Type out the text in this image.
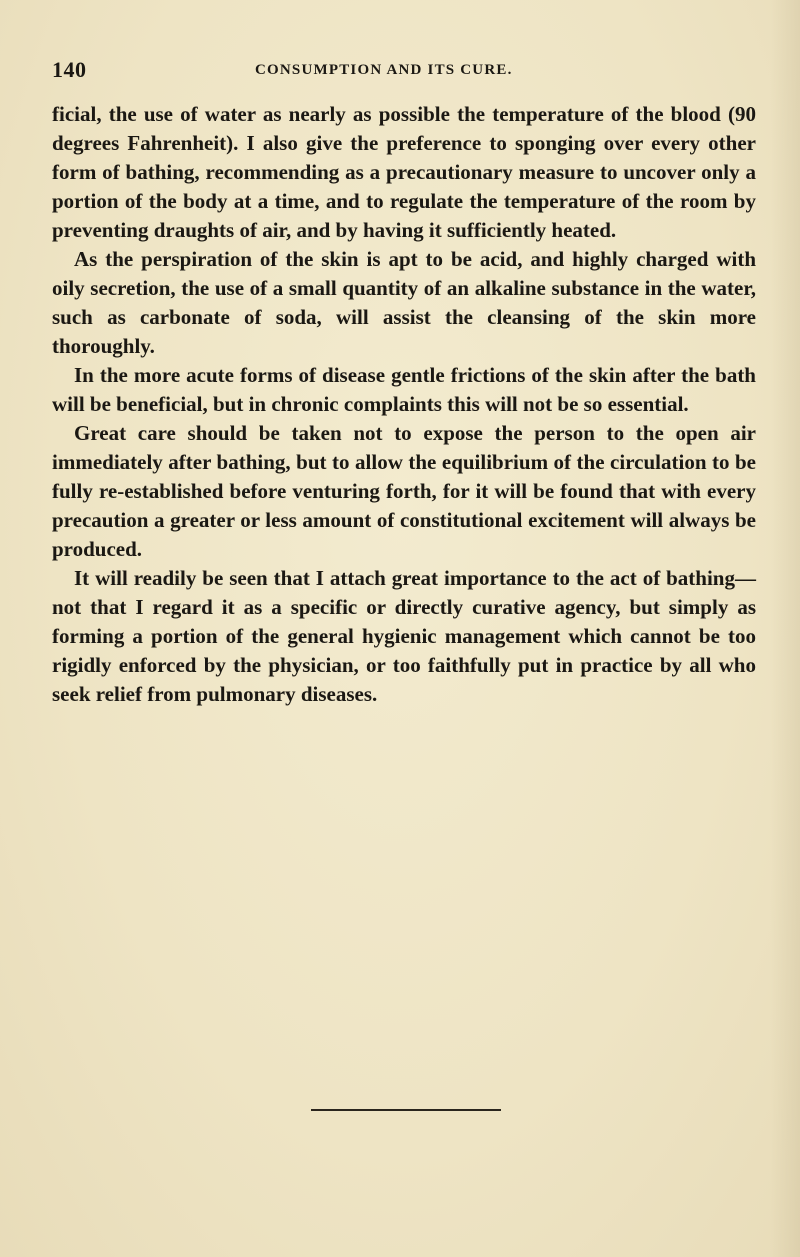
140	CONSUMPTION AND ITS CURE.

ficial, the use of water as nearly as possible the temperature of the blood (90 degrees Fahrenheit). I also give the preference to sponging over every other form of bathing, recommending as a precautionary measure to uncover only a portion of the body at a time, and to regulate the temperature of the room by preventing draughts of air, and by having it sufficiently heated.

As the perspiration of the skin is apt to be acid, and highly charged with oily secretion, the use of a small quantity of an alkaline substance in the water, such as carbonate of soda, will assist the cleansing of the skin more thoroughly.

In the more acute forms of disease gentle frictions of the skin after the bath will be beneficial, but in chronic complaints this will not be so essential.

Great care should be taken not to expose the person to the open air immediately after bathing, but to allow the equilibrium of the circulation to be fully re-established before venturing forth, for it will be found that with every precaution a greater or less amount of constitutional excitement will always be produced.

It will readily be seen that I attach great importance to the act of bathing—not that I regard it as a specific or directly curative agency, but simply as forming a portion of the general hygienic management which cannot be too rigidly enforced by the physician, or too faithfully put in practice by all who seek relief from pulmonary diseases.
